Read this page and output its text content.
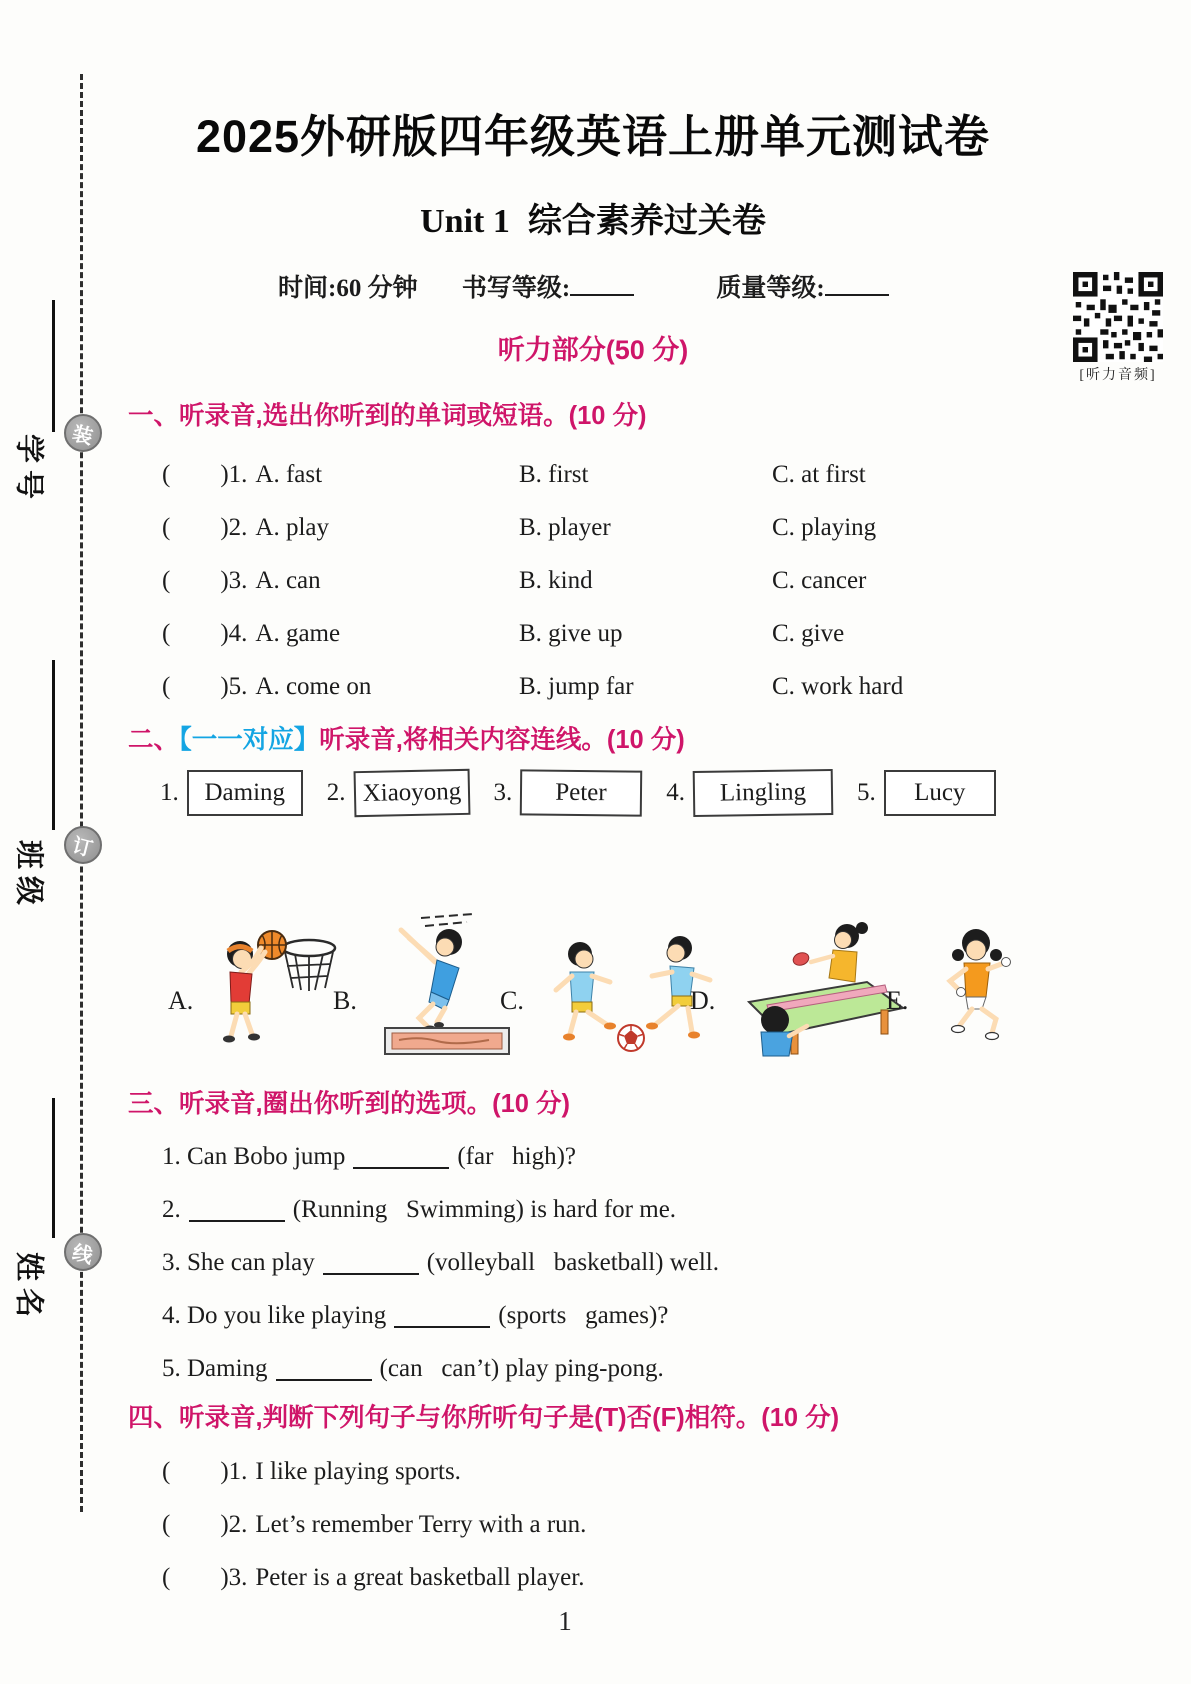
学号
班级
姓名
装
订
线
[听力音频]
2025外研版四年级英语上册单元测试卷
Unit 1 综合素养过关卷
时间:60 分钟 书写等级:	质量等级:
听力部分(50 分)
一、听录音,选出你听到的单词或短语。(10 分)
(        )1. A. fast	B. first	C. at first
(        )2. A. play	B. player	C. playing
(        )3. A. can	B. kind	C. cancer
(        )4. A. game	B. give up	C. give
(        )5. A. come on	B. jump far	C. work hard
二、【一一对应】听录音,将相关内容连线。(10 分)
1.	Daming	2. Xiaoyong	3.	Peter	4.	Lingling	5.	Lucy
A.	B.	C.	D.	E.
三、听录音,圈出你听到的选项。(10 分)
1. Can Bobo jump	(far   high)?
2.	(Running   Swimming) is hard for me.
3. She can play	(volleyball   basketball) well.
4. Do you like playing	(sports   games)?
5. Daming	(can   can’t) play ping-pong.
四、听录音,判断下列句子与你所听句子是(T)否(F)相符。(10 分)
(        )1. I like playing sports.
(        )2. Let’s remember Terry with a run.
(        )3. Peter is a great basketball player.
1
